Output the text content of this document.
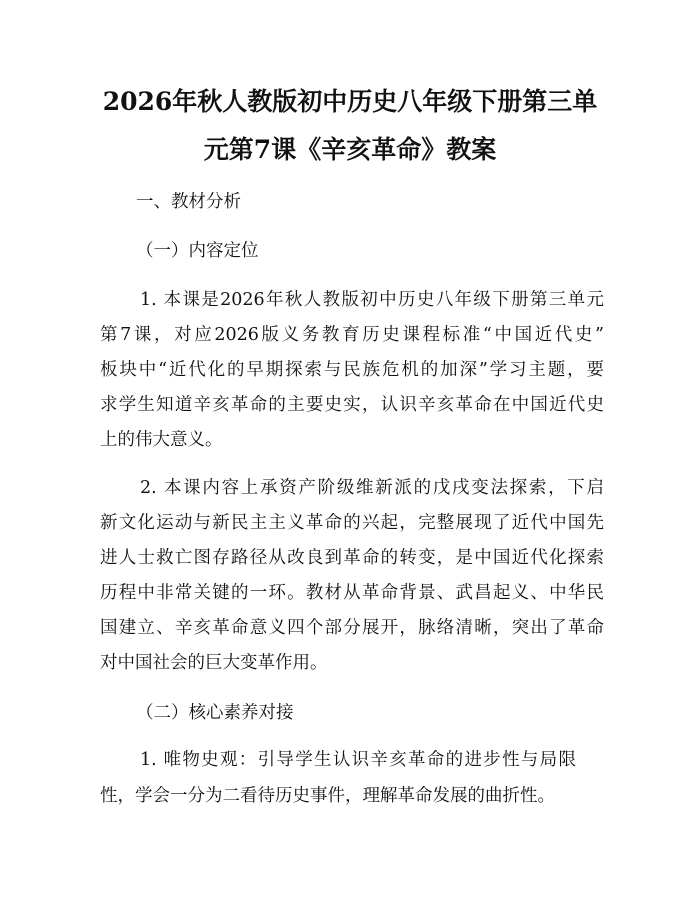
2026年秋人教版初中历史八年级下册第三单
元第7课《辛亥革命》教案
一、教材分析
（一）内容定位
1. 本课是2026年秋人教版初中历史八年级下册第三单元
第7课，对应2026版义务教育历史课程标准“中国近代史”
板块中“近代化的早期探索与民族危机的加深”学习主题，要
求学生知道辛亥革命的主要史实，认识辛亥革命在中国近代史
上的伟大意义。
2. 本课内容上承资产阶级维新派的戊戌变法探索，下启
新文化运动与新民主主义革命的兴起，完整展现了近代中国先
进人士救亡图存路径从改良到革命的转变，是中国近代化探索
历程中非常关键的一环。教材从革命背景、武昌起义、中华民
国建立、辛亥革命意义四个部分展开，脉络清晰，突出了革命
对中国社会的巨大变革作用。
（二）核心素养对接
1. 唯物史观：引导学生认识辛亥革命的进步性与局限
性，学会一分为二看待历史事件，理解革命发展的曲折性。
